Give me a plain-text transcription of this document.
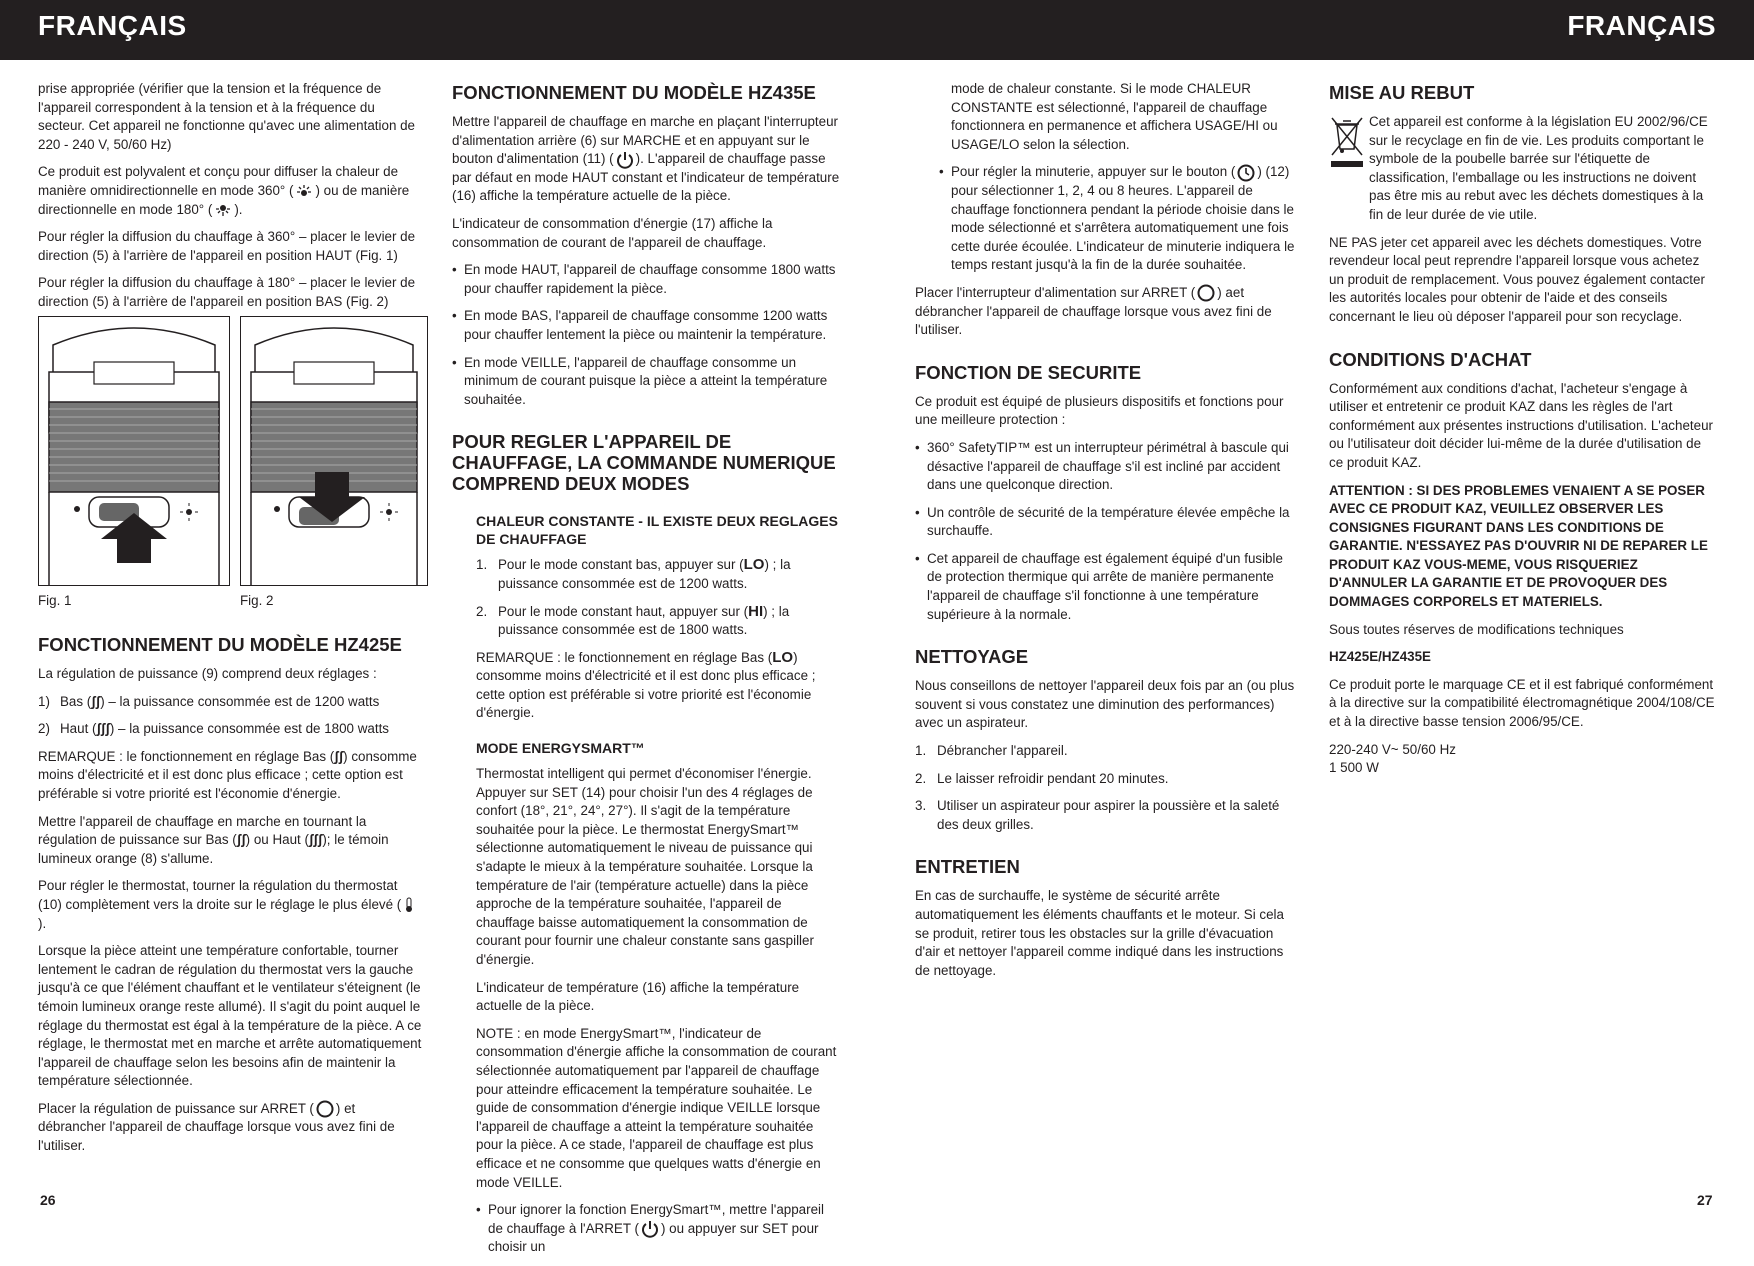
FRANÇAIS	FRANÇAIS

prise appropriée (vérifier que la tension et la fréquence de l'appareil correspondent à la tension et à la fréquence du secteur. Cet appareil ne fonctionne qu'avec une alimentation de 220 - 240 V, 50/60 Hz)

Ce produit est polyvalent et conçu pour diffuser la chaleur de manière omnidirectionnelle en mode 360° ( ) ou de manière directionnelle en mode 180° ( ).

Pour régler la diffusion du chauffage à 360° – placer le levier de direction (5) à l'arrière de l'appareil en position HAUT (Fig. 1)

Pour régler la diffusion du chauffage à 180° – placer le levier de direction (5) à l'arrière de l'appareil en position BAS (Fig. 2)

Fig. 1	Fig. 2
FONCTIONNEMENT DU MODÈLE HZ425E

La régulation de puissance (9) comprend deux réglages :

1) Bas (ʃʃ) – la puissance consommée est de 1200 watts

2) Haut (ʃʃʃ) – la puissance consommée est de 1800 watts

REMARQUE : le fonctionnement en réglage Bas (ʃʃ) consomme moins d'électricité et il est donc plus efficace ; cette option est préférable si votre priorité est l'économie d'énergie.

Mettre l'appareil de chauffage en marche en tournant la régulation de puissance sur Bas (ʃʃ) ou Haut (ʃʃʃ); le témoin lumineux orange (8) s'allume.

Pour régler le thermostat, tourner la régulation du thermostat (10) complètement vers la droite sur le réglage le plus élevé ().

Lorsque la pièce atteint une température confortable, tourner lentement le cadran de régulation du thermostat vers la gauche jusqu'à ce que l'élément chauffant et le ventilateur s'éteignent (le témoin lumineux orange reste allumé). Il s'agit du point auquel le réglage du thermostat est égal à la température de la pièce. A ce réglage, le thermostat met en marche et arrête automatiquement l'appareil de chauffage selon les besoins afin de maintenir la température sélectionnée.

Placer la régulation de puissance sur ARRET ( ) et débrancher l'appareil de chauffage lorsque vous avez fini de l'utiliser.

FONCTIONNEMENT DU MODÈLE HZ435E

Mettre l'appareil de chauffage en marche en plaçant l'interrupteur d'alimentation arrière (6) sur MARCHE et en appuyant sur le bouton d'alimentation (11) ( ). L'appareil de chauffage passe par défaut en mode HAUT constant et l'indicateur de température (16) affiche la température actuelle de la pièce.

L'indicateur de consommation d'énergie (17) affiche la consommation de courant de l'appareil de chauffage.

• En mode HAUT, l'appareil de chauffage consomme 1800 watts pour chauffer rapidement la pièce.

• En mode BAS, l'appareil de chauffage consomme 1200 watts pour chauffer lentement la pièce ou maintenir la température.

• En mode VEILLE, l'appareil de chauffage consomme un minimum de courant puisque la pièce a atteint la température souhaitée.

POUR REGLER L'APPAREIL DE CHAUFFAGE, LA COMMANDE NUMERIQUE COMPREND DEUX MODES
CHALEUR CONSTANTE - IL EXISTE DEUX REGLAGES DE CHAUFFAGE

1. Pour le mode constant bas, appuyer sur (LO) ; la puissance consommée est de 1200 watts.

2. Pour le mode constant haut, appuyer sur (HI) ; la puissance consommée est de 1800 watts.

REMARQUE : le fonctionnement en réglage Bas (LO) consomme moins d'électricité et il est donc plus efficace ; cette option est préférable si votre priorité est l'économie d'énergie.

MODE ENERGYSMART™

Thermostat intelligent qui permet d'économiser l'énergie. Appuyer sur SET (14) pour choisir l'un des 4 réglages de confort (18°, 21°, 24°, 27°). Il s'agit de la température souhaitée pour la pièce. Le thermostat EnergySmart™ sélectionne automatiquement le niveau de puissance qui s'adapte le mieux à la température souhaitée. Lorsque la température de l'air (température actuelle) dans la pièce approche de la température souhaitée, l'appareil de chauffage baisse automatiquement la consommation de courant pour fournir une chaleur constante sans gaspiller d'énergie.

L'indicateur de température (16) affiche la température actuelle de la pièce.

NOTE : en mode EnergySmart™, l'indicateur de consommation d'énergie affiche la consommation de courant sélectionnée automatiquement par l'appareil de chauffage pour atteindre efficacement la température souhaitée. Le guide de consommation d'énergie indique VEILLE lorsque l'appareil de chauffage a atteint la température souhaitée pour la pièce. A ce stade, l'appareil de chauffage est plus efficace et ne consomme que quelques watts d'énergie en mode VEILLE.

• Pour ignorer la fonction EnergySmart™, mettre l'appareil de chauffage à l'ARRET ( ) ou appuyer sur SET pour choisir un

mode de chaleur constante. Si le mode CHALEUR CONSTANTE est sélectionné, l'appareil de chauffage fonctionnera en permanence et affichera USAGE/HI ou USAGE/LO selon la sélection.

• Pour régler la minuterie, appuyer sur le bouton ( ) (12) pour sélectionner 1, 2, 4 ou 8 heures. L'appareil de chauffage fonctionnera pendant la période choisie dans le mode sélectionné et s'arrêtera automatiquement une fois cette durée écoulée. L'indicateur de minuterie indiquera le temps restant jusqu'à la fin de la durée souhaitée.

Placer l'interrupteur d'alimentation sur ARRET ( ) aet débrancher l'appareil de chauffage lorsque vous avez fini de l'utiliser.

FONCTION DE SECURITE

Ce produit est équipé de plusieurs dispositifs et fonctions pour une meilleure protection :

• 360° SafetyTIP™ est un interrupteur périmétral à bascule qui désactive l'appareil de chauffage s'il est incliné par accident dans une quelconque direction.

• Un contrôle de sécurité de la température élevée empêche la surchauffe.

• Cet appareil de chauffage est également équipé d'un fusible de protection thermique qui arrête de manière permanente l'appareil de chauffage s'il fonctionne à une température supérieure à la normale.

NETTOYAGE

Nous conseillons de nettoyer l'appareil deux fois par an (ou plus souvent si vous constatez une diminution des performances) avec un aspirateur.

1. Débrancher l'appareil.

2. Le laisser refroidir pendant 20 minutes.

3. Utiliser un aspirateur pour aspirer la poussière et la saleté des deux grilles.

ENTRETIEN

En cas de surchauffe, le système de sécurité arrête automatiquement les éléments chauffants et le moteur. Si cela se produit, retirer tous les obstacles sur la grille d'évacuation d'air et nettoyer l'appareil comme indiqué dans les instructions de nettoyage.

MISE AU REBUT

Cet appareil est conforme à la législation EU 2002/96/CE sur le recyclage en fin de vie. Les produits comportant le symbole de la poubelle barrée sur l'étiquette de classification, l'emballage ou les instructions ne doivent pas être mis au rebut avec les déchets domestiques à la fin de leur durée de vie utile.

NE PAS jeter cet appareil avec les déchets domestiques. Votre revendeur local peut reprendre l'appareil lorsque vous achetez un produit de remplacement. Vous pouvez également contacter les autorités locales pour obtenir de l'aide et des conseils concernant le lieu où déposer l'appareil pour son recyclage.

CONDITIONS D'ACHAT

Conformément aux conditions d'achat, l'acheteur s'engage à utiliser et entretenir ce produit KAZ dans les règles de l'art conformément aux présentes instructions d'utilisation. L'acheteur ou l'utilisateur doit décider lui-même de la durée d'utilisation de ce produit KAZ.

ATTENTION : SI DES PROBLEMES VENAIENT A SE POSER AVEC CE PRODUIT KAZ, VEUILLEZ OBSERVER LES CONSIGNES FIGURANT DANS LES CONDITIONS DE GARANTIE. N'ESSAYEZ PAS D'OUVRIR NI DE REPARER LE PRODUIT KAZ VOUS-MEME, VOUS RISQUERIEZ D'ANNULER LA GARANTIE ET DE PROVOQUER DES DOMMAGES CORPORELS ET MATERIELS.

Sous toutes réserves de modifications techniques

HZ425E/HZ435E

Ce produit porte le marquage CE et il est fabriqué conformément à la directive sur la compatibilité électromagnétique 2004/108/CE et à la directive basse tension 2006/95/CE.

220-240 V~ 50/60 Hz

1 500 W

26	27
